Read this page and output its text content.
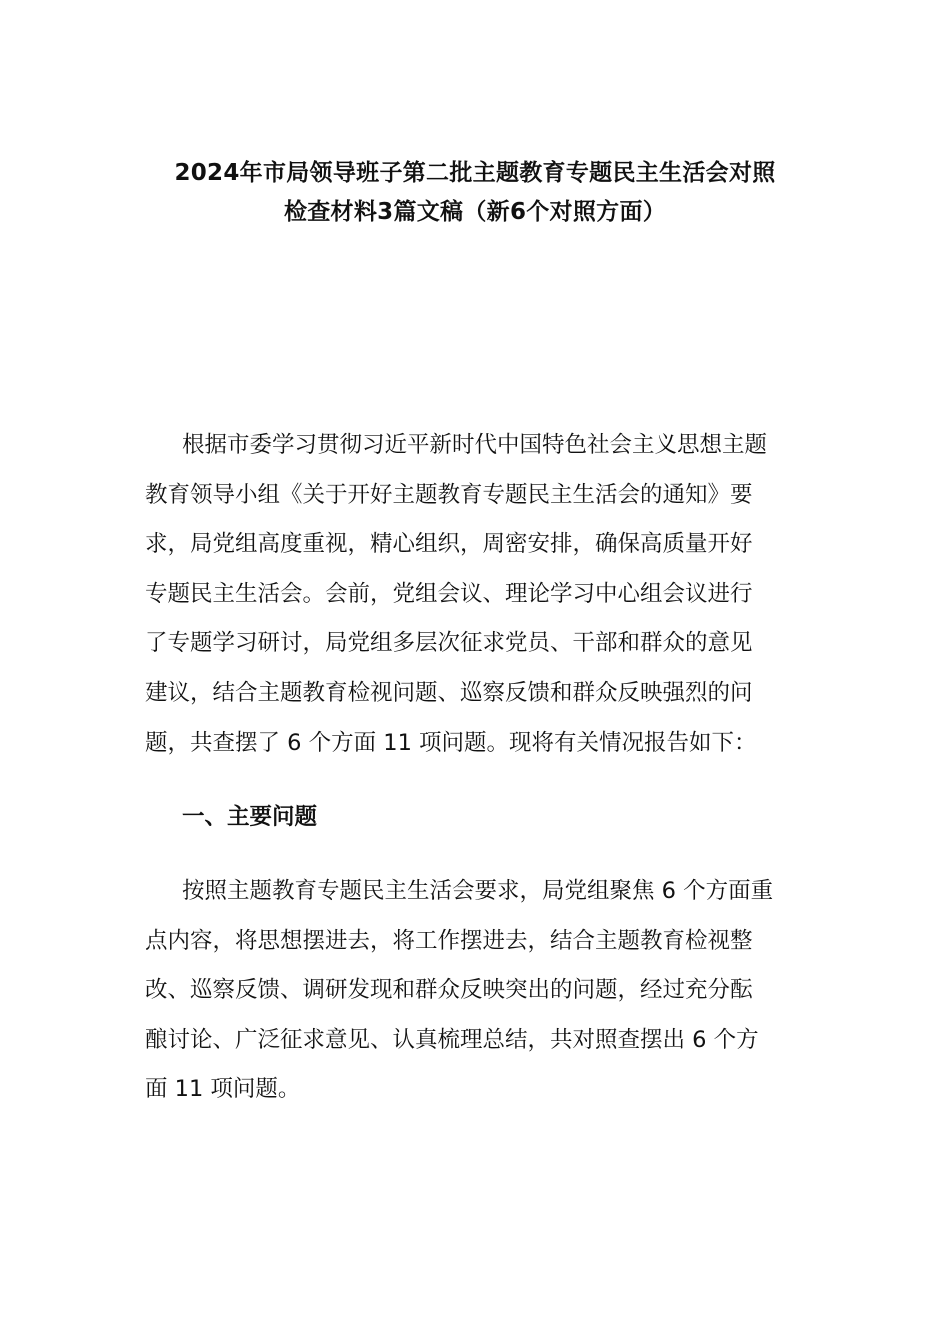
2024年市局领导班子第二批主题教育专题民主生活会对照
检查材料3篇文稿（新6个对照方面）
根据市委学习贯彻习近平新时代中国特色社会主义思想主题
教育领导小组《关于开好主题教育专题民主生活会的通知》要
求，局党组高度重视，精心组织，周密安排，确保高质量开好
专题民主生活会。会前，党组会议、理论学习中心组会议进行
了专题学习研讨，局党组多层次征求党员、干部和群众的意见
建议，结合主题教育检视问题、巡察反馈和群众反映强烈的问
题，共查摆了 6 个方面 11 项问题。现将有关情况报告如下：
一、主要问题
按照主题教育专题民主生活会要求，局党组聚焦 6 个方面重
点内容，将思想摆进去，将工作摆进去，结合主题教育检视整
改、巡察反馈、调研发现和群众反映突出的问题，经过充分酝
酿讨论、广泛征求意见、认真梳理总结，共对照查摆出 6 个方
面 11 项问题。
